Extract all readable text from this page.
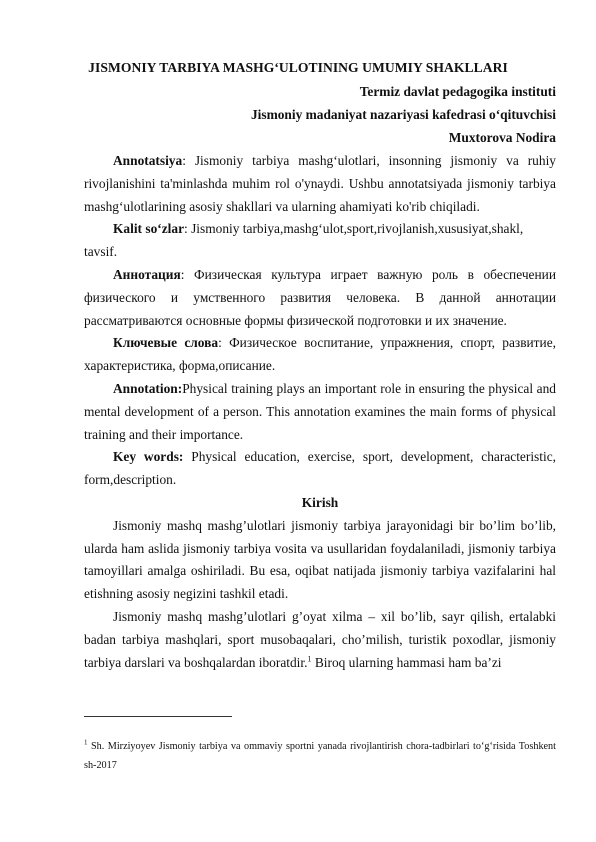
JISMONIY TARBIYA MASHG‘ULOTINING UMUMIY SHAKLLARI
Termiz davlat pedagogika instituti
Jismoniy madaniyat nazariyasi kafedrasi o‘qituvchisi
Muxtorova Nodira

Annotatsiya: Jismoniy tarbiya mashg‘ulotlari, insonning jismoniy va ruhiy rivojlanishini ta'minlashda muhim rol o'ynaydi. Ushbu annotatsiyada jismoniy tarbiya mashg‘ulotlarining asosiy shakllari va ularning ahamiyati ko'rib chiqiladi.

Kalit so‘zlar: Jismoniy tarbiya,mashg‘ulot,sport,rivojlanish,xususiyat,shakl, tavsif.

Аннотация: Физическая культура играет важную роль в обеспечении физического и умственного развития человека. В данной аннотации рассматриваются основные формы физической подготовки и их значение.

Ключевые слова: Физическое воспитание, упражнения, спорт, развитие, характеристика, форма,описание.

Annotation:Physical training plays an important role in ensuring the physical and mental development of a person. This annotation examines the main forms of physical training and their importance.

Key words: Physical education, exercise, sport, development, characteristic, form,description.

Kirish

Jismoniy mashq mashg’ulotlari jismoniy tarbiya jarayonidagi bir bo’lim bo’lib, ularda ham aslida jismoniy tarbiya vosita va usullaridan foydalaniladi, jismoniy tarbiya tamoyillari amalga oshiriladi. Bu esa, oqibat natijada jismoniy tarbiya vazifalarini hal etishning asosiy negizini tashkil etadi.

Jismoniy mashq mashg’ulotlari g’oyat xilma – xil bo’lib, sayr qilish, ertalabki badan tarbiya mashqlari, sport musobaqalari, cho’milish, turistik poxodlar, jismoniy tarbiya darslari va boshqalardan iboratdir.$^1$ Biroq ularning hammasi ham ba’zi

$^1$ Sh. Mirziyoyev Jismoniy tarbiya va ommaviy sportni yanada rivojlantirish chora-tadbirlari to‘g‘risida Toshkent sh-2017
